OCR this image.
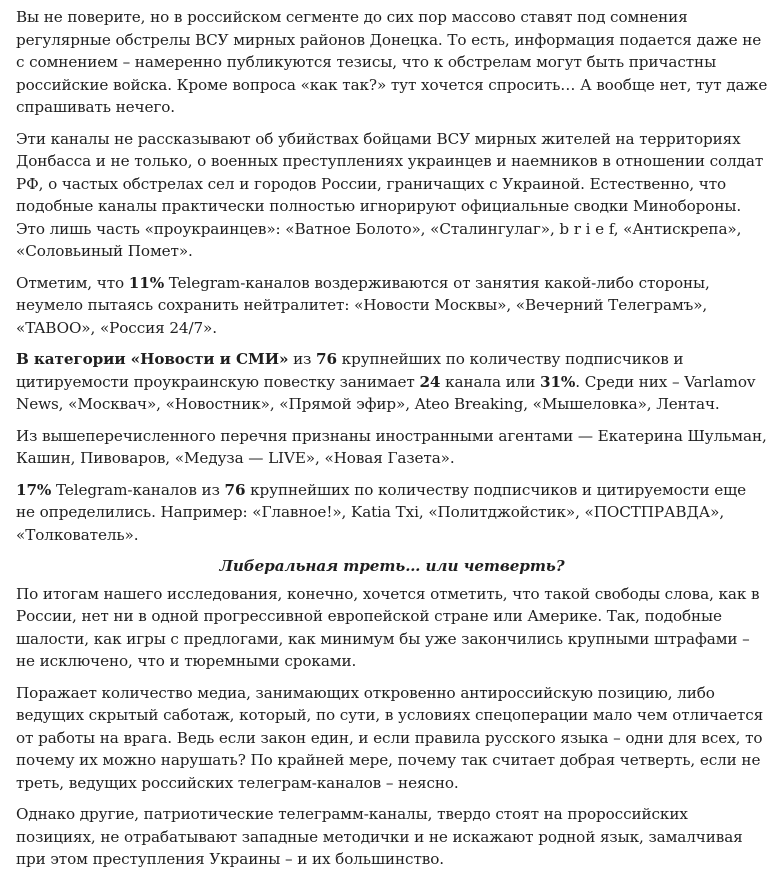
Вы не поверите, но в российском сегменте до сих пор массово ставят под сомнения регулярные обстрелы ВСУ мирных районов Донецка. То есть, информация подается даже не с сомнением – намеренно публикуются тезисы, что к обстрелам могут быть причастны российские войска. Кроме вопроса «как так?» тут хочется спросить… А вообще нет, тут даже спрашивать нечего.

Эти каналы не рассказывают об убийствах бойцами ВСУ мирных жителей на территориях Донбасса и не только, о военных преступлениях украинцев и наемников в отношении солдат РФ, о частых обстрелах сел и городов России, граничащих с Украиной. Естественно, что подобные каналы практически полностью игнорируют официальные сводки Минобороны. Это лишь часть «проукраинцев»: «Ватное Болото», «Сталингулаг», b r i e f, «Антискрепа», «Соловьиный Помет».

Отметим, что 11% Telegram-каналов воздерживаются от занятия какой-либо стороны, неумело пытаясь сохранить нейтралитет: «Новости Москвы», «Вечерний Телеграмъ», «TABOO», «Россия 24/7».

В категории «Новости и СМИ» из 76 крупнейших по количеству подписчиков и цитируемости проукраинскую повестку занимает 24 канала или 31%. Среди них – Varlamov News, «Москвач», «Новостник», «Прямой эфир», Ateo Breaking, «Мышеловка», Лентач.

Из вышеперечисленного перечня признаны иностранными агентами — Екатерина Шульман, Кашин, Пивоваров, «Медуза — LIVE», «Новая Газета».

17% Telegram-каналов из 76 крупнейших по количеству подписчиков и цитируемости еще не определились. Например: «Главное!», Katia Txi, «Политджойстик», «ПОСТПРАВДА», «Толкователь».

Либеральная треть… или четверть?

По итогам нашего исследования, конечно, хочется отметить, что такой свободы слова, как в России, нет ни в одной прогрессивной европейской стране или Америке. Так, подобные шалости, как игры с предлогами, как минимум бы уже закончились крупными штрафами – не исключено, что и тюремными сроками.

Поражает количество медиа, занимающих откровенно антироссийскую позицию, либо ведущих скрытый саботаж, который, по сути, в условиях спецоперации мало чем отличается от работы на врага. Ведь если закон един, и если правила русского языка – одни для всех, то почему их можно нарушать? По крайней мере, почему так считает добрая четверть, если не треть, ведущих российских телеграм-каналов – неясно.

Однако другие, патриотические телеграмм-каналы, твердо стоят на пророссийских позициях, не отрабатывают западные методички и не искажают родной язык, замалчивая при этом преступления Украины – и их большинство.
